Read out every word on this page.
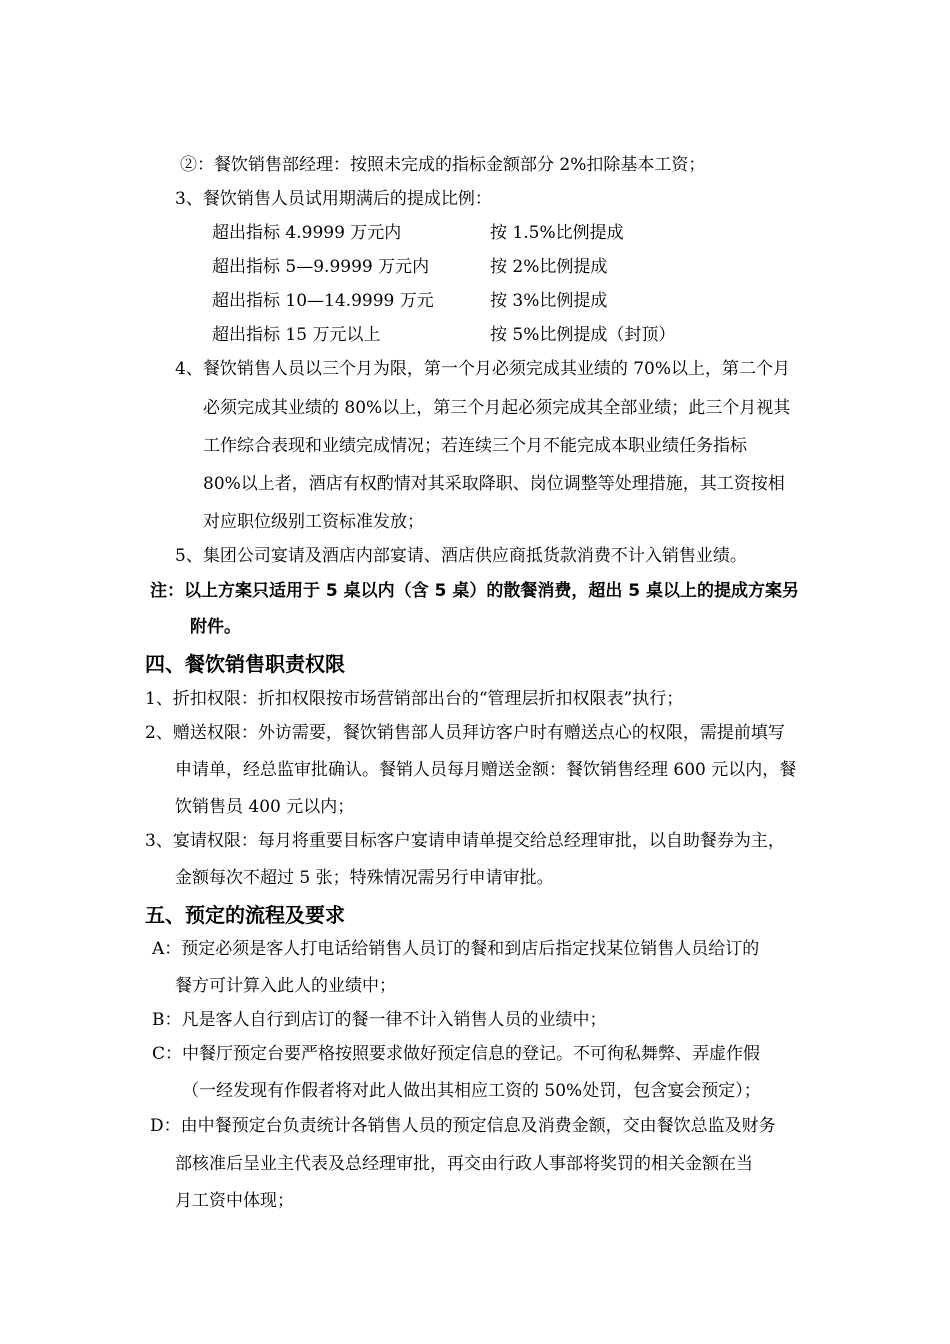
②：餐饮销售部经理：按照未完成的指标金额部分 2%扣除基本工资；
3、餐饮销售人员试用期满后的提成比例：
超出指标 4.9999 万元内	按 1.5%比例提成
超出指标 5—9.9999 万元内	按 2%比例提成
超出指标 10—14.9999 万元	按 3%比例提成
超出指标 15 万元以上	按 5%比例提成（封顶）
4、餐饮销售人员以三个月为限，第一个月必须完成其业绩的 70%以上，第二个月
必须完成其业绩的 80%以上，第三个月起必须完成其全部业绩；此三个月视其
工作综合表现和业绩完成情况；若连续三个月不能完成本职业绩任务指标
80%以上者，酒店有权酌情对其采取降职、岗位调整等处理措施，其工资按相
对应职位级别工资标准发放；
5、集团公司宴请及酒店内部宴请、酒店供应商抵货款消费不计入销售业绩。
注：以上方案只适用于 5 桌以内（含 5 桌）的散餐消费，超出 5 桌以上的提成方案另
附件。
四、餐饮销售职责权限
1、折扣权限：折扣权限按市场营销部出台的“管理层折扣权限表”执行；
2、赠送权限：外访需要，餐饮销售部人员拜访客户时有赠送点心的权限，需提前填写
申请单，经总监审批确认。餐销人员每月赠送金额：餐饮销售经理 600 元以内，餐
饮销售员 400 元以内；
3、宴请权限：每月将重要目标客户宴请申请单提交给总经理审批，以自助餐券为主，
金额每次不超过 5 张；特殊情况需另行申请审批。
五、预定的流程及要求
A：预定必须是客人打电话给销售人员订的餐和到店后指定找某位销售人员给订的
餐方可计算入此人的业绩中；
B：凡是客人自行到店订的餐一律不计入销售人员的业绩中；
C：中餐厅预定台要严格按照要求做好预定信息的登记。不可徇私舞弊、弄虚作假
（一经发现有作假者将对此人做出其相应工资的 50%处罚，包含宴会预定）；
D：由中餐预定台负责统计各销售人员的预定信息及消费金额，交由餐饮总监及财务
部核准后呈业主代表及总经理审批，再交由行政人事部将奖罚的相关金额在当
月工资中体现；
